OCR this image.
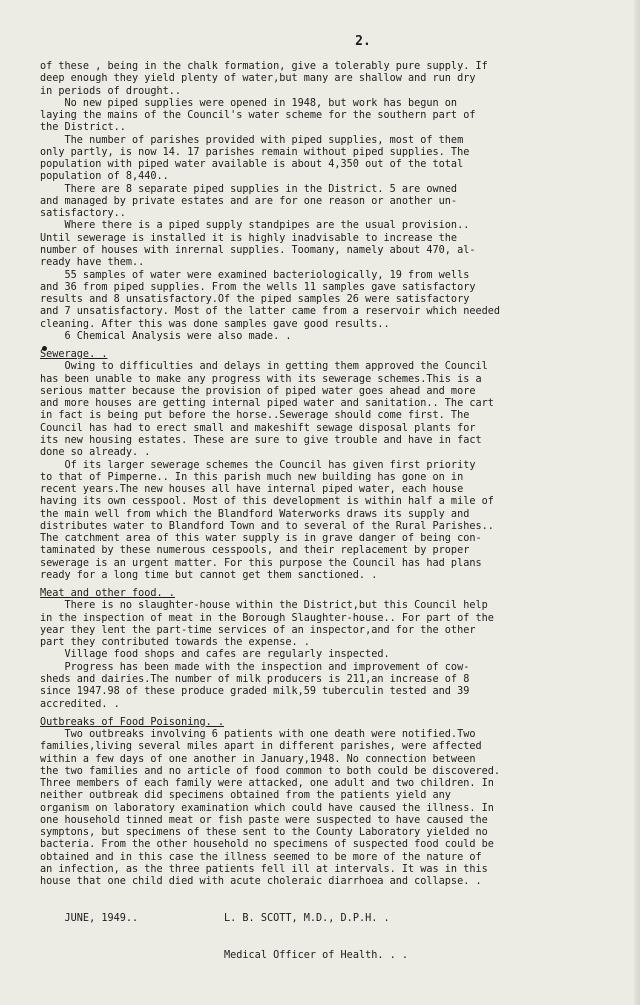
2.
of these , being in the chalk formation, give a tolerably pure supply. If
deep enough they yield plenty of water,but many are shallow and run dry
in periods of drought..
No new piped supplies were opened in 1948, but work has begun on
laying the mains of the Council's water scheme for the southern part of
the District..
The number of parishes provided with piped supplies, most of them
only partly, is now 14. 17 parishes remain without piped supplies. The
population with piped water available is about 4,350 out of the total
population of 8,440..
There are 8 separate piped supplies in the District. 5 are owned
and managed by private estates and are for one reason or another un-
satisfactory..
Where there is a piped supply standpipes are the usual provision..
Until sewerage is installed it is highly inadvisable to increase the
number of houses with inrernal supplies. Toomany, namely about 470, al-
ready have them..
55 samples of water were examined bacteriologically, 19 from wells
and 36 from piped supplies. From the wells 11 samples gave satisfactory
results and 8 unsatisfactory.Of the piped samples 26 were satisfactory
and 7 unsatisfactory. Most of the latter came from a reservoir which needed
cleaning. After this was done samples gave good results..
6 Chemical Analysis were also made. .
Sewerage. .
Owing to difficulties and delays in getting them approved the Council
has been unable to make any progress with its sewerage schemes.This is a
serious matter because the provision of piped water goes ahead and more
and more houses are getting internal piped water and sanitation.. The cart
in fact is being put before the horse..Sewerage should come first. The
Council has had to erect small and makeshift sewage disposal plants for
its new housing estates. These are sure to give trouble and have in fact
done so already. .
Of its larger sewerage schemes the Council has given first priority
to that of Pimperne.. In this parish much new building has gone on in
recent years.The new houses all have internal piped water, each house
having its own cesspool. Most of this development is within half a mile of
the main well from which the Blandford Waterworks draws its supply and
distributes water to Blandford Town and to several of the Rural Parishes..
The catchment area of this water supply is in grave danger of being con-
taminated by these numerous cesspools, and their replacement by proper
sewerage is an urgent matter. For this purpose the Council has had plans
ready for a long time but cannot get them sanctioned. .
Meat and other food. .
There is no slaughter-house within the District,but this Council help
in the inspection of meat in the Borough Slaughter-house.. For part of the
year they lent the part-time services of an inspector,and for the other
part they contributed towards the expense. .
Village food shops and cafes are regularly inspected.
Progress has been made with the inspection and improvement of cow-
sheds and dairies.The number of milk producers is 211,an increase of 8
since 1947.98 of these produce graded milk,59 tuberculin tested and 39
accredited. .
Outbreaks of Food Poisoning. .
Two outbreaks involving 6 patients with one death were notified.Two
families,living several miles apart in different parishes, were affected
within a few days of one another in January,1948. No connection between
the two families and no article of food common to both could be discovered.
Three members of each family were attacked, one adult and two children. In
neither outbreak did specimens obtained from the patients yield any
organism on laboratory examination which could have caused the illness. In
one household tinned meat or fish paste were suspected to have caused the
symptons, but specimens of these sent to the County Laboratory yielded no
bacteria. From the other household no specimens of suspected food could be
obtained and in this case the illness seemed to be more of the nature of
an infection, as the three patients fell ill at intervals. It was in this
house that one child died with acute choleraic diarrhoea and collapse. .

JUNE, 1949..	L. B. SCOTT, M.D., D.P.H. .

Medical Officer of Health. . .
